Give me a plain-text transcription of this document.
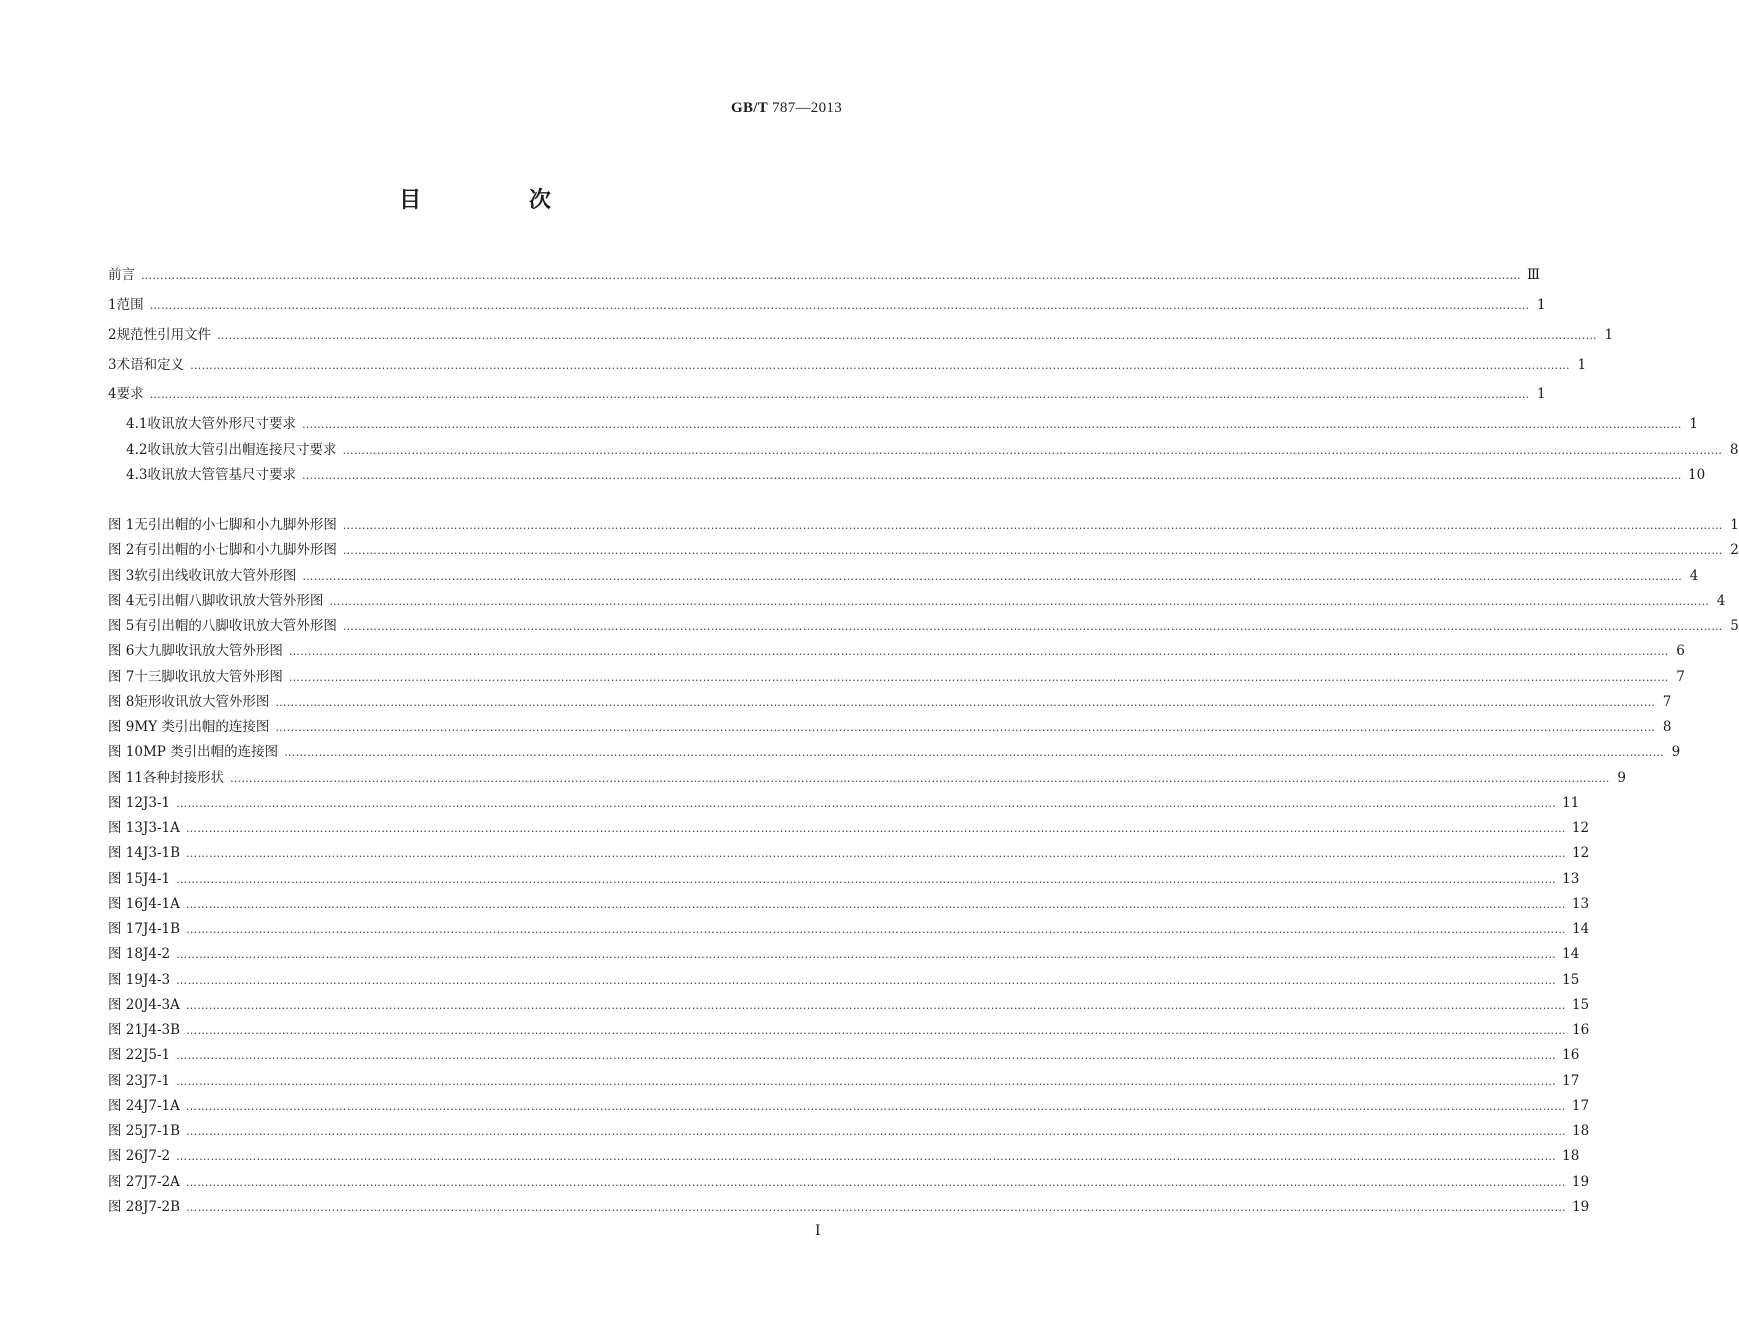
GB/T 787—2013
目 次
前言 ……………………………………………………………………………………………………………………………………………………………………………………………………………………………………………………………………………………………………………………………… Ⅲ
1 范围 ……………………………………………………………………………………………………………………………………………………………………………………………………………………………………………………………………………………………………………………………… 1
2 规范性引用文件 ……………………………………………………………………………………………………………………………………………………………………………………………………………………………………………………………………………………………………………………………… 1
3 术语和定义 ……………………………………………………………………………………………………………………………………………………………………………………………………………………………………………………………………………………………………………………………… 1
4 要求 ……………………………………………………………………………………………………………………………………………………………………………………………………………………………………………………………………………………………………………………………… 1
4.1 收讯放大管外形尺寸要求 ……………………………………………………………………………………………………………………………………………………………………………………………………………………………………………………………………………………………………………………………… 1
4.2 收讯放大管引出帽连接尺寸要求 ……………………………………………………………………………………………………………………………………………………………………………………………………………………………………………………………………………………………………………………………… 8
4.3 收讯放大管管基尺寸要求 ……………………………………………………………………………………………………………………………………………………………………………………………………………………………………………………………………………………………………………………………… 10
图 1 无引出帽的小七脚和小九脚外形图 ……………………………………………………………………………………………………………………………………………………………………………………………………………………………………………………………………………………………………………………………… 1
图 2 有引出帽的小七脚和小九脚外形图 ……………………………………………………………………………………………………………………………………………………………………………………………………………………………………………………………………………………………………………………………… 2
图 3 软引出线收讯放大管外形图 ……………………………………………………………………………………………………………………………………………………………………………………………………………………………………………………………………………………………………………………………… 4
图 4 无引出帽八脚收讯放大管外形图 ……………………………………………………………………………………………………………………………………………………………………………………………………………………………………………………………………………………………………………………………… 4
图 5 有引出帽的八脚收讯放大管外形图 ……………………………………………………………………………………………………………………………………………………………………………………………………………………………………………………………………………………………………………………………… 5
图 6 大九脚收讯放大管外形图 ……………………………………………………………………………………………………………………………………………………………………………………………………………………………………………………………………………………………………………………………… 6
图 7 十三脚收讯放大管外形图 ……………………………………………………………………………………………………………………………………………………………………………………………………………………………………………………………………………………………………………………………… 7
图 8 矩形收讯放大管外形图 ……………………………………………………………………………………………………………………………………………………………………………………………………………………………………………………………………………………………………………………………… 7
图 9 MY 类引出帽的连接图 ……………………………………………………………………………………………………………………………………………………………………………………………………………………………………………………………………………………………………………………………… 8
图 10 MP 类引出帽的连接图 ……………………………………………………………………………………………………………………………………………………………………………………………………………………………………………………………………………………………………………………………… 9
图 11 各种封接形状 ……………………………………………………………………………………………………………………………………………………………………………………………………………………………………………………………………………………………………………………………… 9
图 12 J3-1 ……………………………………………………………………………………………………………………………………………………………………………………………………………………………………………………………………………………………………………………………… 11
图 13 J3-1A ……………………………………………………………………………………………………………………………………………………………………………………………………………………………………………………………………………………………………………………………… 12
图 14 J3-1B ……………………………………………………………………………………………………………………………………………………………………………………………………………………………………………………………………………………………………………………………… 12
图 15 J4-1 ……………………………………………………………………………………………………………………………………………………………………………………………………………………………………………………………………………………………………………………………… 13
图 16 J4-1A ……………………………………………………………………………………………………………………………………………………………………………………………………………………………………………………………………………………………………………………………… 13
图 17 J4-1B ……………………………………………………………………………………………………………………………………………………………………………………………………………………………………………………………………………………………………………………………… 14
图 18 J4-2 ……………………………………………………………………………………………………………………………………………………………………………………………………………………………………………………………………………………………………………………………… 14
图 19 J4-3 ……………………………………………………………………………………………………………………………………………………………………………………………………………………………………………………………………………………………………………………………… 15
图 20 J4-3A ……………………………………………………………………………………………………………………………………………………………………………………………………………………………………………………………………………………………………………………………… 15
图 21 J4-3B ……………………………………………………………………………………………………………………………………………………………………………………………………………………………………………………………………………………………………………………………… 16
图 22 J5-1 ……………………………………………………………………………………………………………………………………………………………………………………………………………………………………………………………………………………………………………………………… 16
图 23 J7-1 ……………………………………………………………………………………………………………………………………………………………………………………………………………………………………………………………………………………………………………………………… 17
图 24 J7-1A ……………………………………………………………………………………………………………………………………………………………………………………………………………………………………………………………………………………………………………………………… 17
图 25 J7-1B ……………………………………………………………………………………………………………………………………………………………………………………………………………………………………………………………………………………………………………………………… 18
图 26 J7-2 ……………………………………………………………………………………………………………………………………………………………………………………………………………………………………………………………………………………………………………………………… 18
图 27 J7-2A ……………………………………………………………………………………………………………………………………………………………………………………………………………………………………………………………………………………………………………………………… 19
图 28 J7-2B ……………………………………………………………………………………………………………………………………………………………………………………………………………………………………………………………………………………………………………………………… 19
I
